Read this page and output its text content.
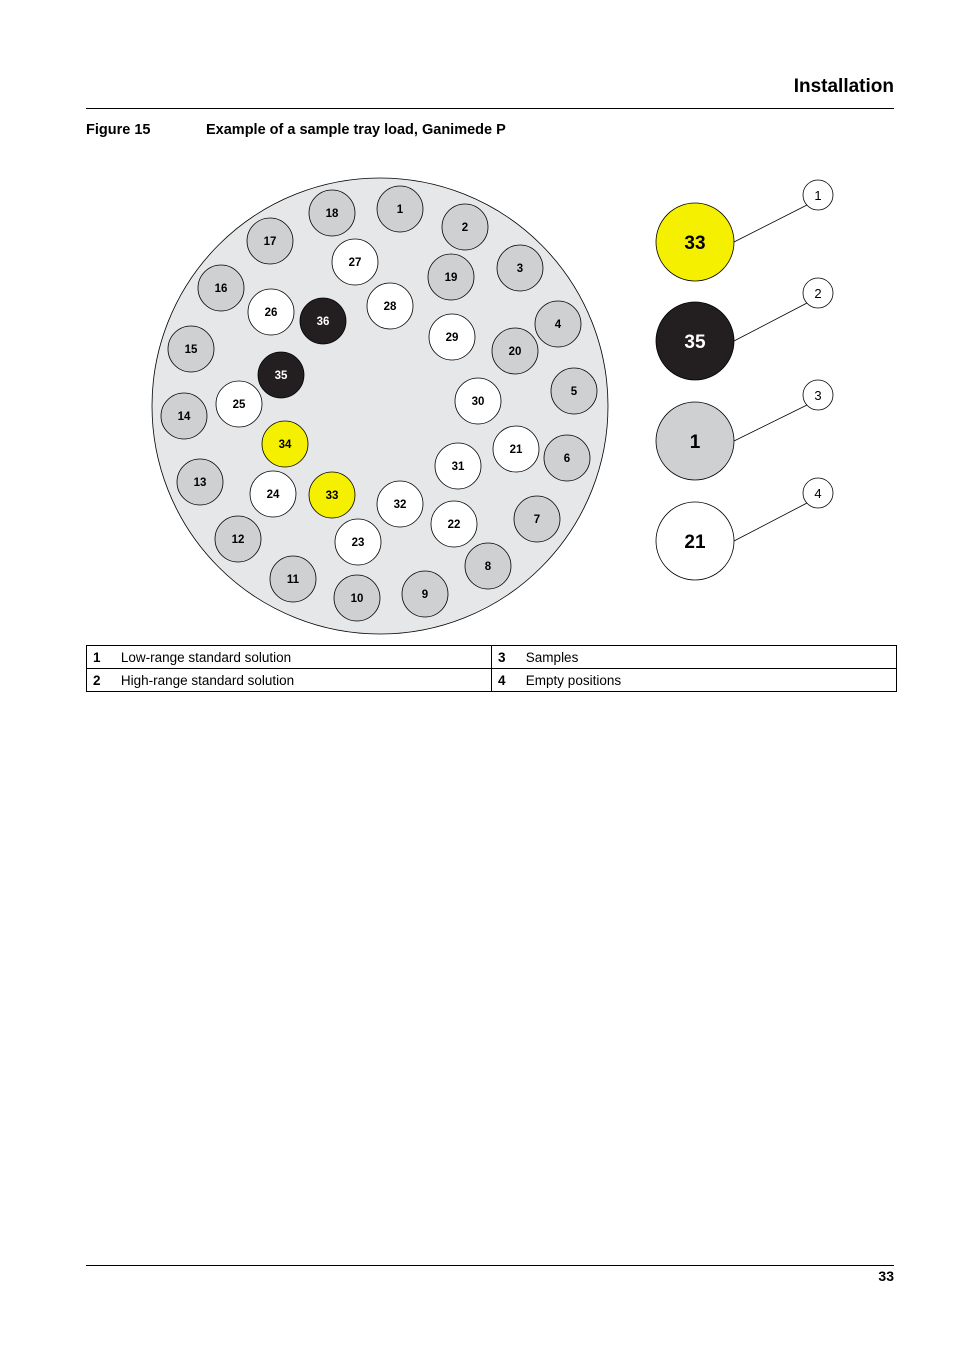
Installation
Figure 15	Example of a sample tray load, Ganimede P
1
2
3
4
5
6
7
8
9
10
11
12
13
14
15
16
17
18
19
20
21
22
23
24
25
26
27
28
29
30
31
32
33
34
35
36
33
1
35
2
1
3
21
4
1	Low-range standard solution	3	Samples
2	High-range standard solution	4	Empty positions
33
